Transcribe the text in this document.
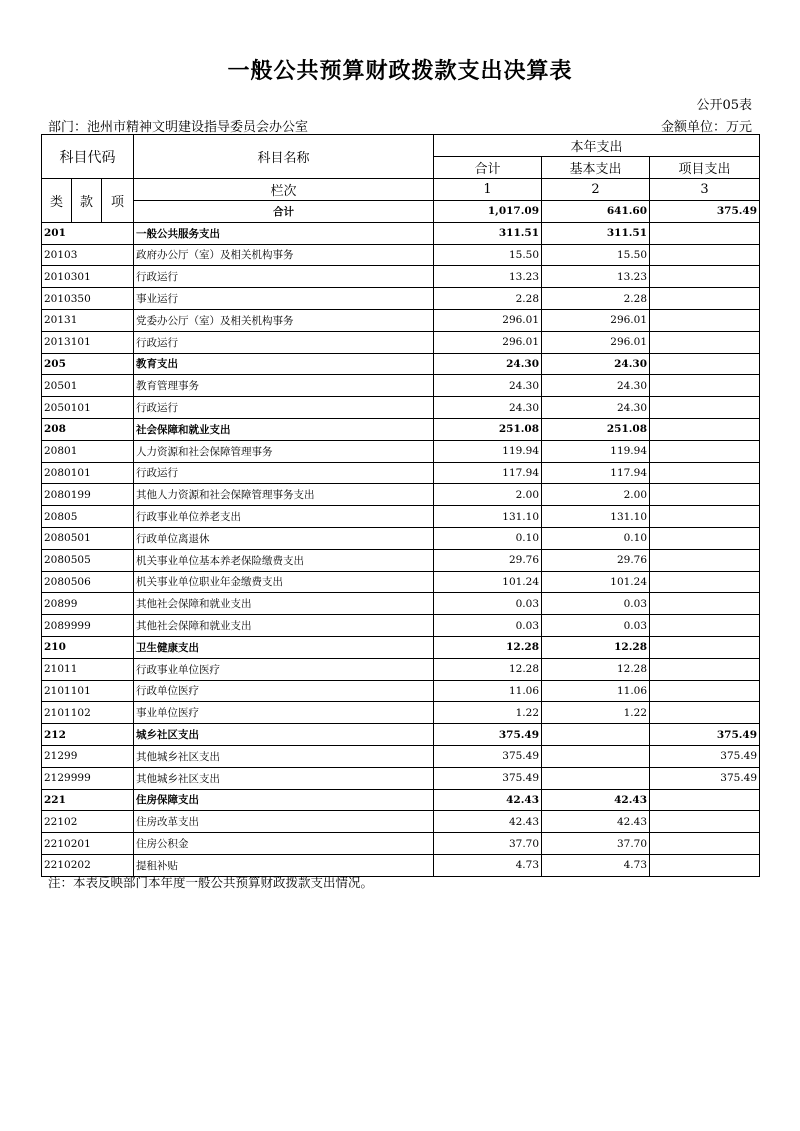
一般公共预算财政拨款支出决算表
公开05表
部门：池州市精神文明建设指导委员会办公室	金额单位：万元
科目代码			科目名称	本年支出		
				合计	基本支出	项目支出
类	款	项	栏次	1	2	3
			合计	1,017.09	641.60	375.49
201			一般公共服务支出	311.51	311.51	
20103			政府办公厅（室）及相关机构事务	15.50	15.50	
2010301			行政运行	13.23	13.23	
2010350			事业运行	2.28	2.28	
20131			党委办公厅（室）及相关机构事务	296.01	296.01	
2013101			行政运行	296.01	296.01	
205			教育支出	24.30	24.30	
20501			教育管理事务	24.30	24.30	
2050101			行政运行	24.30	24.30	
208			社会保障和就业支出	251.08	251.08	
20801			人力资源和社会保障管理事务	119.94	119.94	
2080101			行政运行	117.94	117.94	
2080199			其他人力资源和社会保障管理事务支出	2.00	2.00	
20805			行政事业单位养老支出	131.10	131.10	
2080501			行政单位离退休	0.10	0.10	
2080505			机关事业单位基本养老保险缴费支出	29.76	29.76	
2080506			机关事业单位职业年金缴费支出	101.24	101.24	
20899			其他社会保障和就业支出	0.03	0.03	
2089999			其他社会保障和就业支出	0.03	0.03	
210			卫生健康支出	12.28	12.28	
21011			行政事业单位医疗	12.28	12.28	
2101101			行政单位医疗	11.06	11.06	
2101102			事业单位医疗	1.22	1.22	
212			城乡社区支出	375.49		375.49
21299			其他城乡社区支出	375.49		375.49
2129999			其他城乡社区支出	375.49		375.49
221			住房保障支出	42.43	42.43	
22102			住房改革支出	42.43	42.43	
2210201			住房公积金	37.70	37.70	
2210202			提租补贴	4.73	4.73	
注：本表反映部门本年度一般公共预算财政拨款支出情况。
